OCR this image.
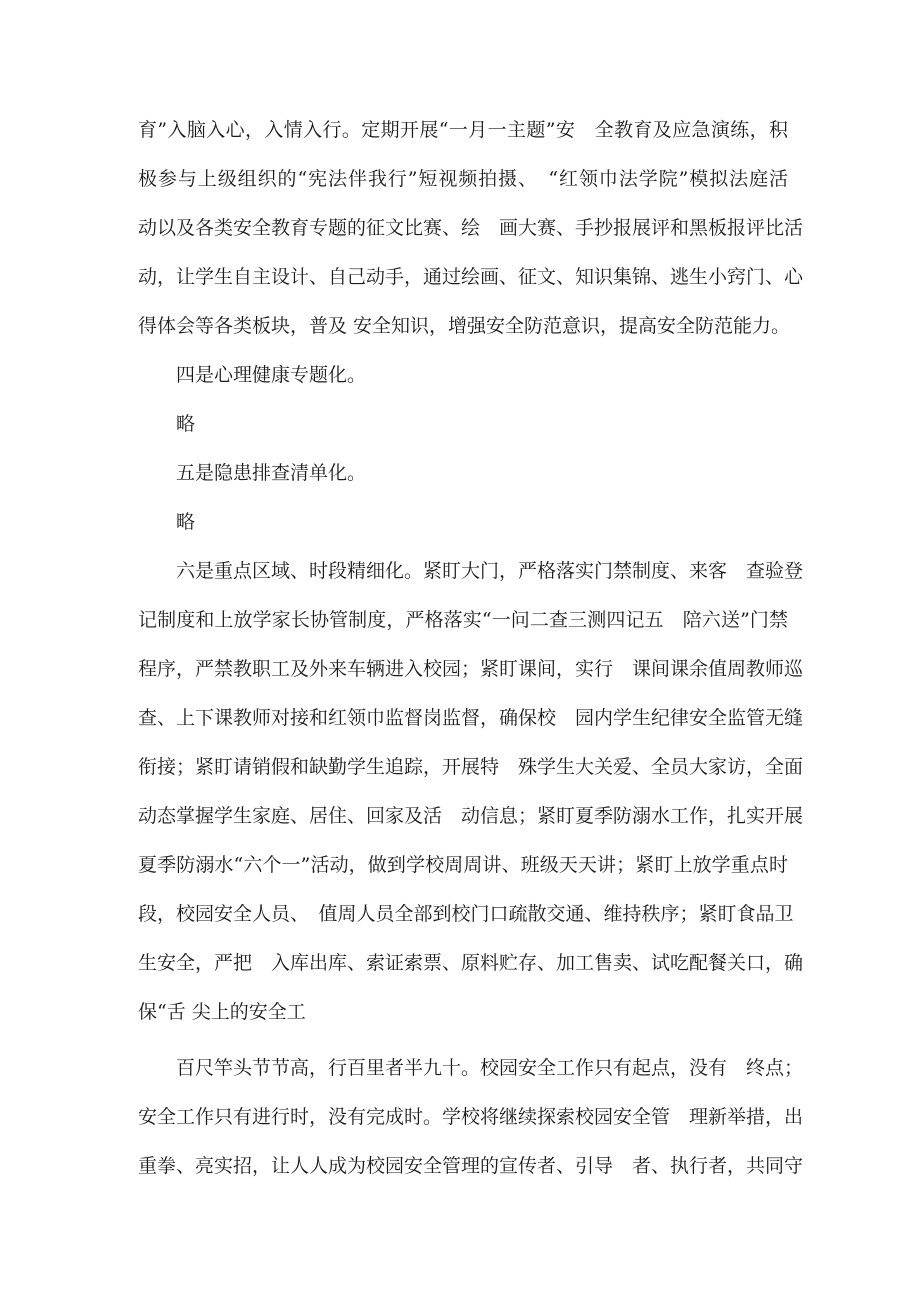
育”入脑入心，入情入行。定期开展“一月一主题”安　全教育及应急演练，积
极参与上级组织的“宪法伴我行”短视频拍摄、　“红领巾法学院”模拟法庭活
动以及各类安全教育专题的征文比赛、绘　画大赛、手抄报展评和黑板报评比活
动，让学生自主设计、自己动手，通过绘画、征文、知识集锦、逃生小窍门、心
得体会等各类板块，普及 安全知识，增强安全防范意识，提高安全防范能力。
四是心理健康专题化。
略
五是隐患排查清单化。
略
六是重点区域、时段精细化。紧盯大门，严格落实门禁制度、来客　查验登
记制度和上放学家长协管制度，严格落实“一问二查三测四记五　陪六送”门禁
程序，严禁教职工及外来车辆进入校园；紧盯课间，实行　课间课余值周教师巡
查、上下课教师对接和红领巾监督岗监督，确保校　园内学生纪律安全监管无缝
衔接；紧盯请销假和缺勤学生追踪，开展特　殊学生大关爱、全员大家访，全面
动态掌握学生家庭、居住、回家及活　动信息；紧盯夏季防溺水工作，扎实开展
夏季防溺水“六个一”活动，做到学校周周讲、班级天天讲；紧盯上放学重点时
段，校园安全人员、　值周人员全部到校门口疏散交通、维持秩序；紧盯食品卫
生安全，严把　入库出库、索证索票、原料贮存、加工售卖、试吃配餐关口，确
保“舌 尖上的安全工
百尺竿头节节高，行百里者半九十。校园安全工作只有起点，没有　终点；
安全工作只有进行时，没有完成时。学校将继续探索校园安全管　理新举措，出
重拳、亮实招，让人人成为校园安全管理的宣传者、引导　者、执行者，共同守
